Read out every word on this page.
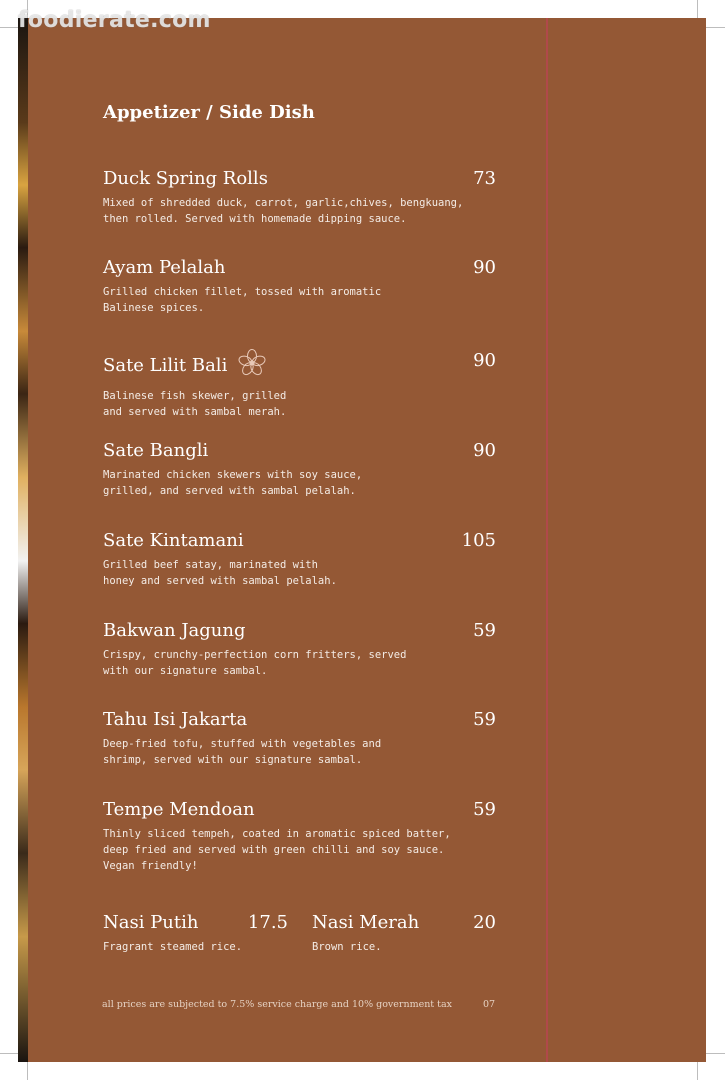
foodierate.com
Appetizer / Side Dish
Duck Spring Rolls	73
Mixed of shredded duck, carrot, garlic,chives, bengkuang,
then rolled. Served with homemade dipping sauce.
Ayam Pelalah	90
Grilled chicken fillet, tossed with aromatic
Balinese spices.
Sate Lilit Bali	90
Balinese fish skewer, grilled
and served with sambal merah.
Sate Bangli	90
Marinated chicken skewers with soy sauce,
grilled, and served with sambal pelalah.
Sate Kintamani	105
Grilled beef satay, marinated with
honey and served with sambal pelalah.
Bakwan Jagung	59
Crispy, crunchy-perfection corn fritters, served
with our signature sambal.
Tahu Isi Jakarta	59
Deep-fried tofu, stuffed with vegetables and
shrimp, served with our signature sambal.
Tempe Mendoan	59
Thinly sliced tempeh, coated in aromatic spiced batter,
deep fried and served with green chilli and soy sauce.
Vegan friendly!
Nasi Putih	17.5
Fragrant steamed rice.
Nasi Merah	20
Brown rice.
all prices are subjected to 7.5% service charge and 10% government tax	07
